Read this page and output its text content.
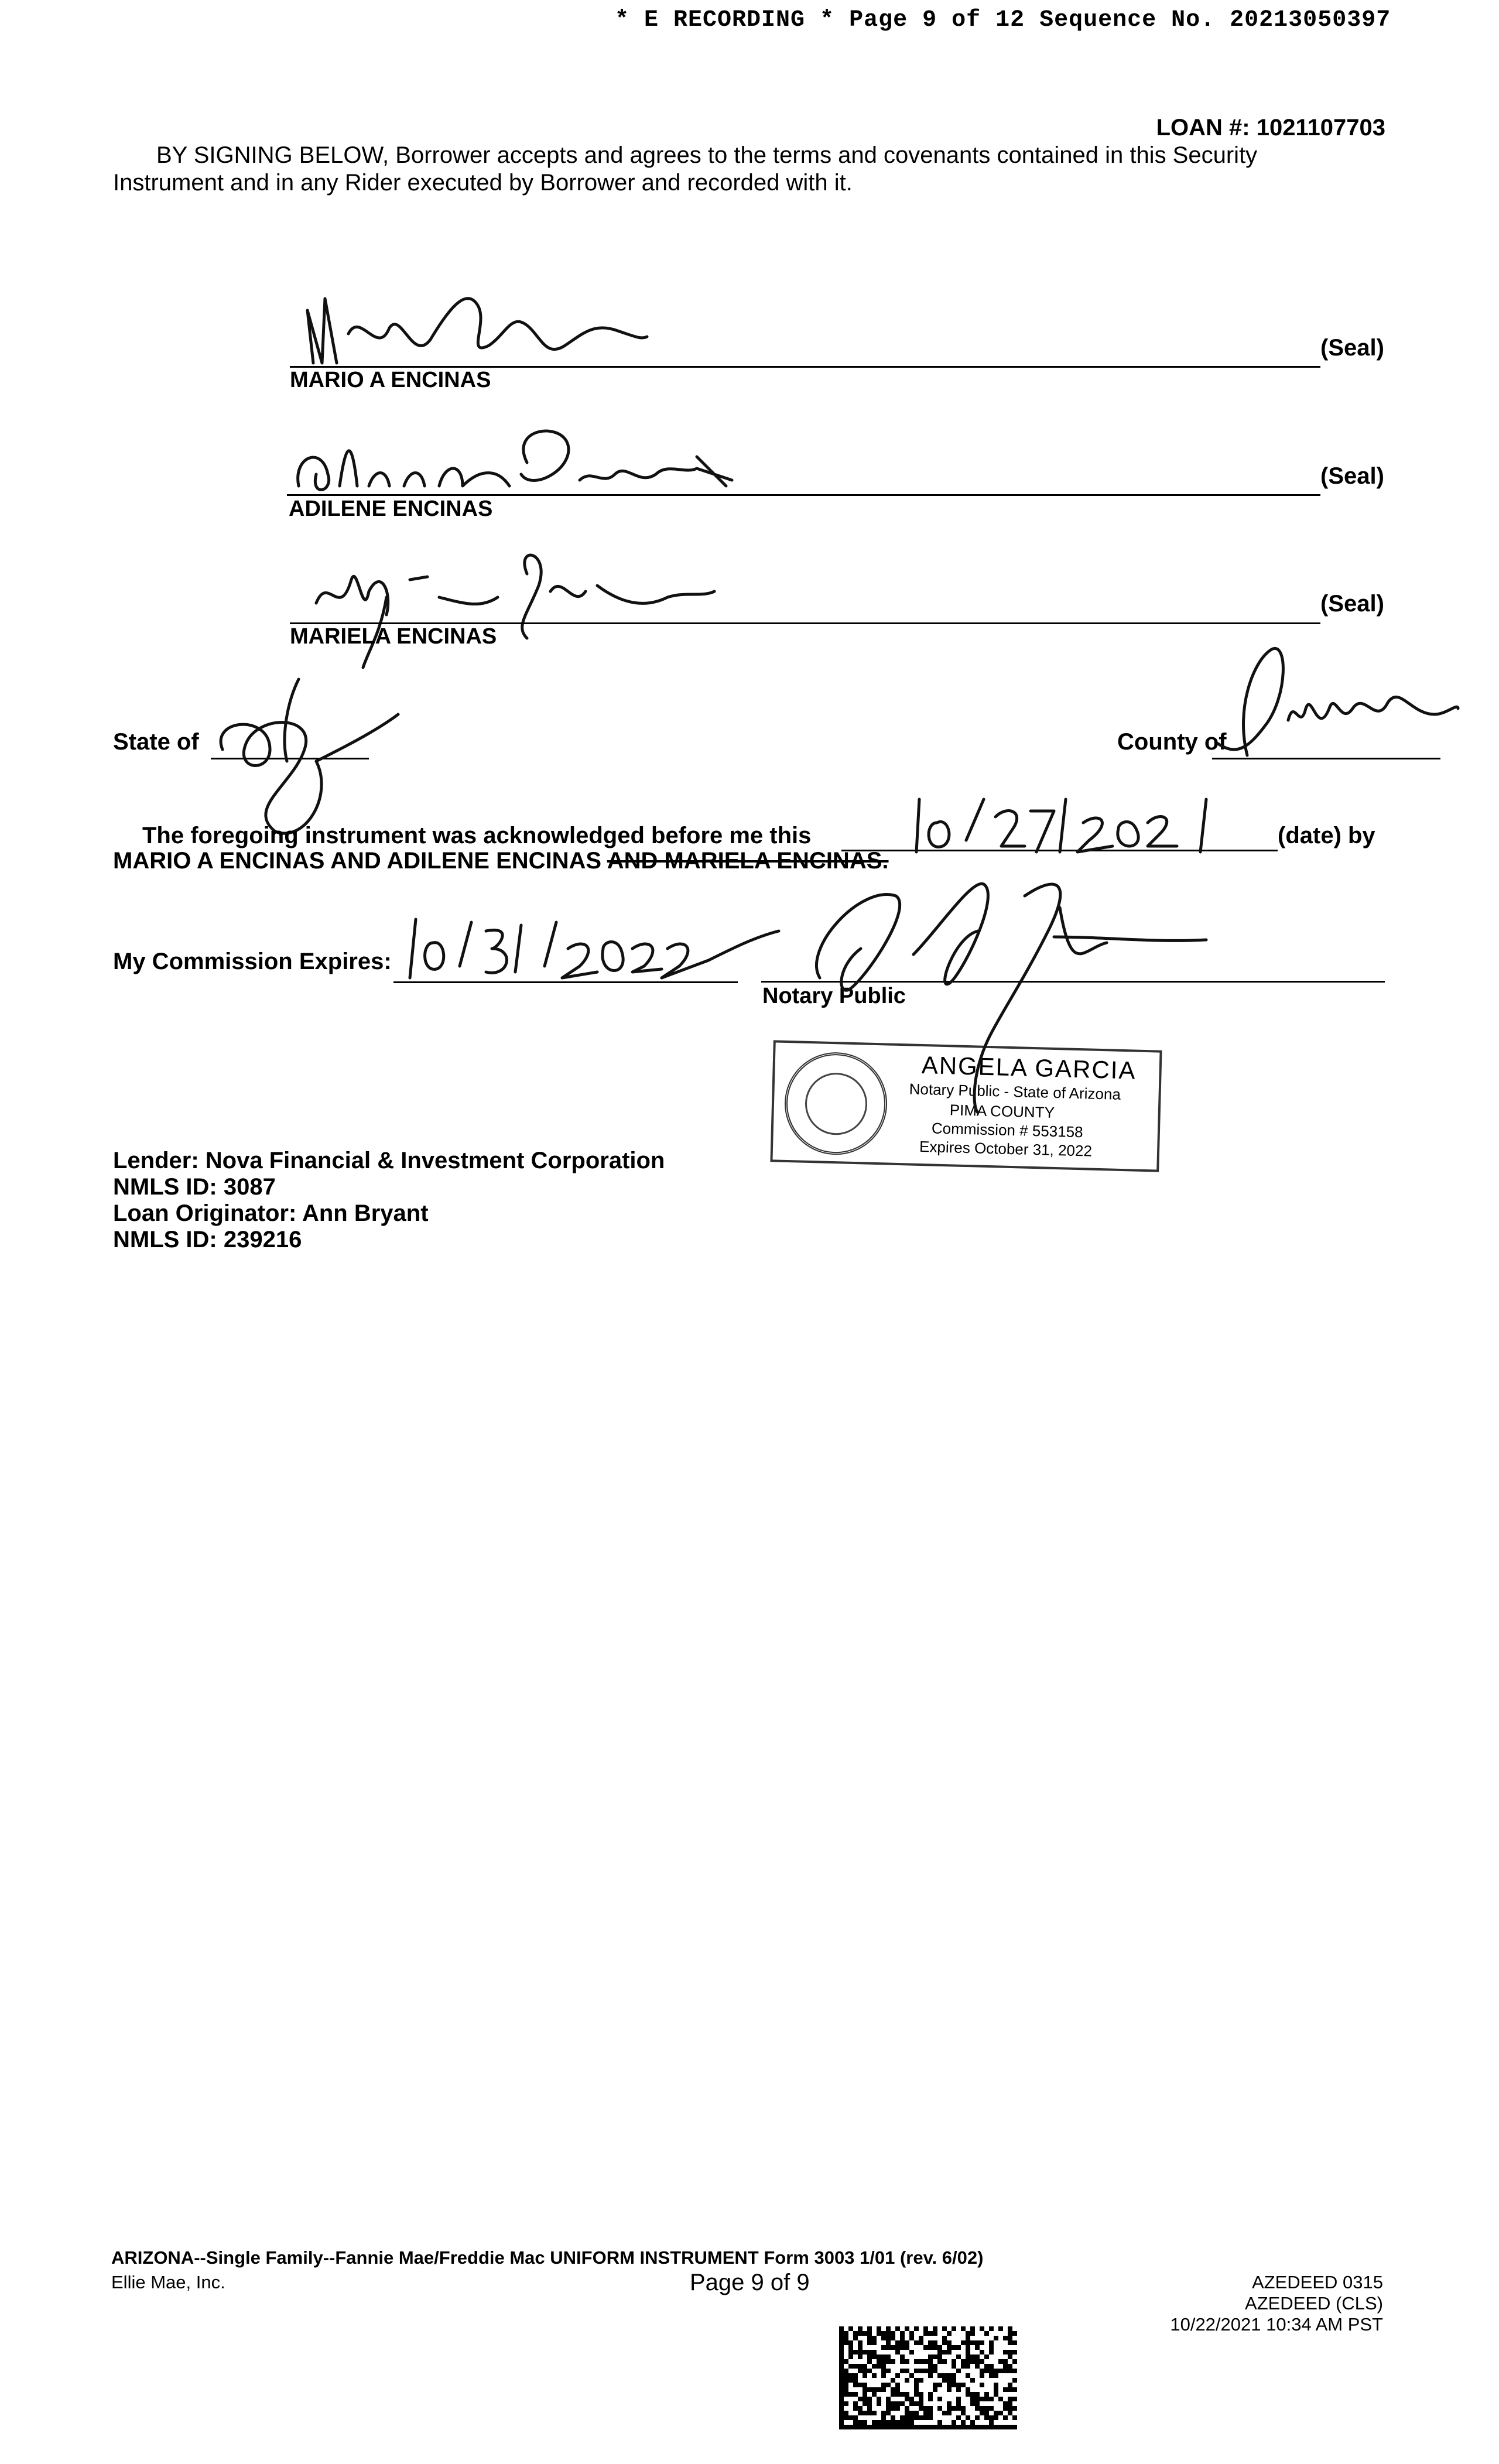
* E RECORDING * Page 9 of 12 Sequence No. 20213050397
LOAN #: 1021107703
BY SIGNING BELOW, Borrower accepts and agrees to the terms and covenants contained in this Security
Instrument and in any Rider executed by Borrower and recorded with it.
MARIO A ENCINAS
(Seal)
ADILENE ENCINAS
(Seal)
MARIELA ENCINAS
(Seal)
State of	County of
The foregoing instrument was acknowledged before me this	(date) by
MARIO A ENCINAS AND ADILENE ENCINAS AND MARIELA ENCINAS.
My Commission Expires:
Notary Public
ANGELA GARCIA
Notary Public - State of Arizona
PIMA COUNTY
Commission # 553158
Expires October 31, 2022
Lender: Nova Financial & Investment Corporation
NMLS ID: 3087
Loan Originator: Ann Bryant
NMLS ID: 239216
ARIZONA--Single Family--Fannie Mae/Freddie Mac UNIFORM INSTRUMENT Form 3003 1/01 (rev. 6/02)
Ellie Mae, Inc.	Page 9 of 9	AZEDEED 0315
AZEDEED (CLS)
10/22/2021 10:34 AM PST
